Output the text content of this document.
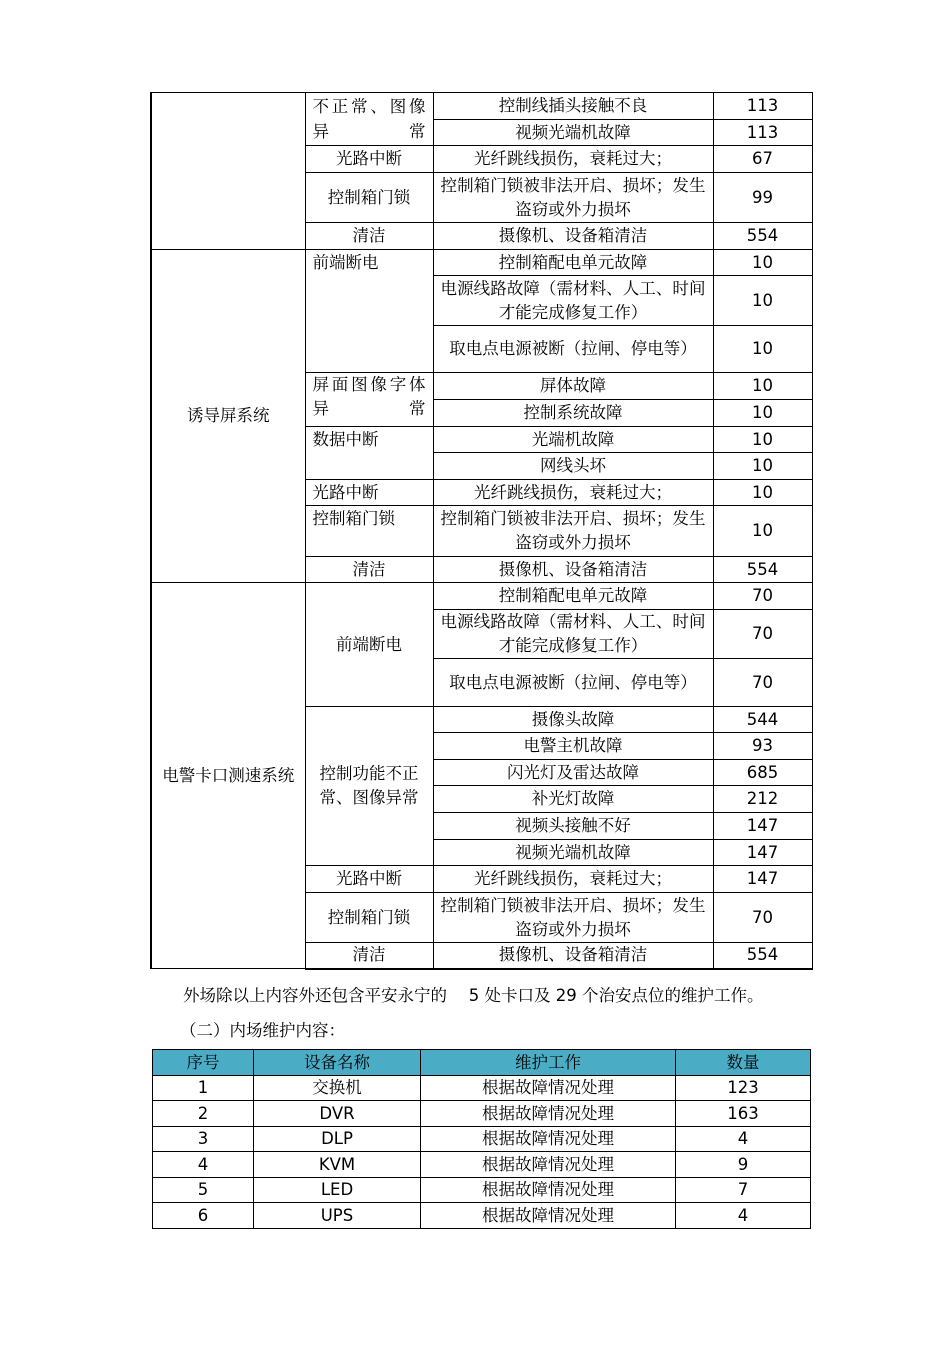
	不正常、图像异常	控制线插头接触不良	113
		视频光端机故障	113
	光路中断	光纤跳线损伤，衰耗过大；	67
	控制箱门锁	控制箱门锁被非法开启、损坏；发生盗窃或外力损坏	99
	清洁	摄像机、设备箱清洁	554
诱导屏系统	前端断电	控制箱配电单元故障	10
		电源线路故障（需材料、人工、时间才能完成修复工作）	10
		取电点电源被断（拉闸、停电等）	10
	屏面图像字体异常	屏体故障	10
		控制系统故障	10
	数据中断	光端机故障	10
		网线头坏	10
	光路中断	光纤跳线损伤，衰耗过大；	10
	控制箱门锁	控制箱门锁被非法开启、损坏；发生盗窃或外力损坏	10
	清洁	摄像机、设备箱清洁	554
电警卡口测速系统	前端断电	控制箱配电单元故障	70
		电源线路故障（需材料、人工、时间才能完成修复工作）	70
		取电点电源被断（拉闸、停电等）	70
	控制功能不正常、图像异常	摄像头故障	544
		电警主机故障	93
		闪光灯及雷达故障	685
		补光灯故障	212
		视频头接触不好	147
		视频光端机故障	147
	光路中断	光纤跳线损伤，衰耗过大；	147
	控制箱门锁	控制箱门锁被非法开启、损坏；发生盗窃或外力损坏	70
	清洁	摄像机、设备箱清洁	554
外场除以上内容外还包含平安永宁的　 5 处卡口及 29 个治安点位的维护工作。
（二）内场维护内容：
序号	设备名称	维护工作	数量
1	交换机	根据故障情况处理	123
2	DVR	根据故障情况处理	163
3	DLP	根据故障情况处理	4
4	KVM	根据故障情况处理	9
5	LED	根据故障情况处理	7
6	UPS	根据故障情况处理	4
